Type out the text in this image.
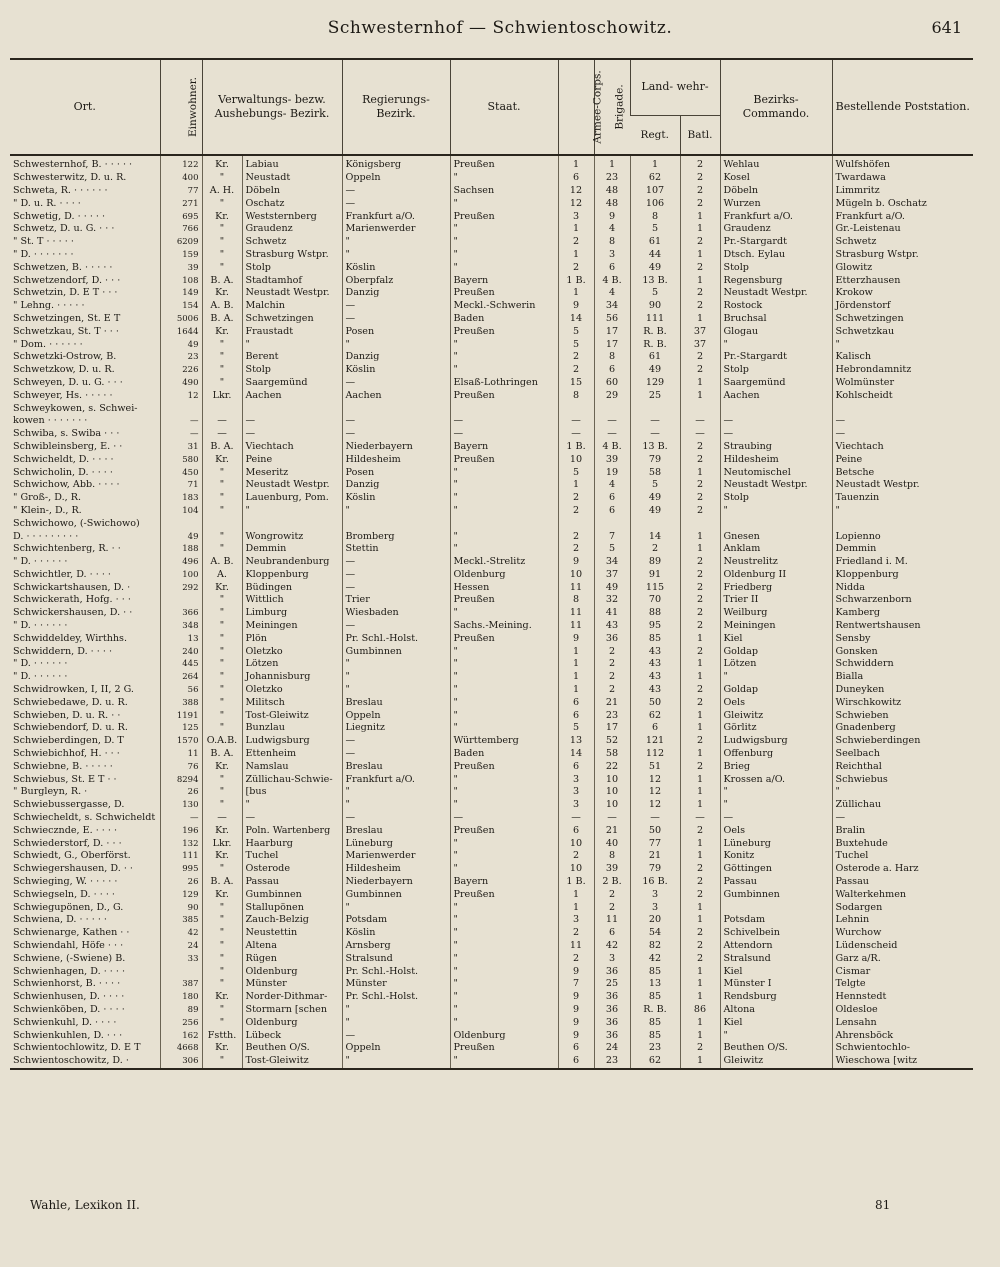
Schwesternhof — Schwientoschowitz.	641
Ort.	Einwohner.	Verwaltungs- bezw. Aushebungs- Bezirk.		Regierungs- Bezirk.	Staat.	Armee-Corps.	Brigade.	Land- wehr-		Bezirks- Commando.	Bestellende Poststation.
								Regt.	Batl.		
Schwesternhof, B. · · · · ·	122	Kr.	Labiau	Königsberg	Preußen	1	1	1	2	Wehlau	Wulfshöfen
Schwesterwitz, D. u. R.	400	"	Neustadt	Oppeln	"	6	23	62	2	Kosel	Twardawa
Schweta, R. · · · · · ·	77	A. H.	Döbeln	—	Sachsen	12	48	107	2	Döbeln	Limmritz
" D. u. R. · · · ·	271	"	Oschatz	—	"	12	48	106	2	Wurzen	Mügeln b. Oschatz
Schwetig, D. · · · · ·	695	Kr.	Weststernberg	Frankfurt a/O.	Preußen	3	9	8	1	Frankfurt a/O.	Frankfurt a/O.
Schwetz, D. u. G. · · ·	766	"	Graudenz	Marienwerder	"	1	4	5	1	Graudenz	Gr.-Leistenau
" St. T · · · · ·	6209	"	Schwetz	"	"	2	8	61	2	Pr.-Stargardt	Schwetz
" D. · · · · · · ·	159	"	Strasburg Wstpr.	"	"	1	3	44	1	Dtsch. Eylau	Strasburg Wstpr.
Schwetzen, B. · · · · ·	39	"	Stolp	Köslin	"	2	6	49	2	Stolp	Glowitz
Schwetzendorf, D. · · ·	108	B. A.	Stadtamhof	Oberpfalz	Bayern	1 B.	4 B.	13 B.	1	Regensburg	Etterzhausen
Schwetzin, D. E T · · ·	149	Kr.	Neustadt Westpr.	Danzig	Preußen	1	4	5	2	Neustadt Westpr.	Krokow
" Lehng. · · · · ·	154	A. B.	Malchin	—	Meckl.-Schwerin	9	34	90	2	Rostock	Jördenstorf
Schwetzingen, St. E T	5006	B. A.	Schwetzingen	—	Baden	14	56	111	1	Bruchsal	Schwetzingen
Schwetzkau, St. T · · ·	1644	Kr.	Fraustadt	Posen	Preußen	5	17	R. B.	37	Glogau	Schwetzkau
" Dom. · · · · · ·	49	"	"	"	"	5	17	R. B.	37	"	"
Schwetzki-Ostrow, B.	23	"	Berent	Danzig	"	2	8	61	2	Pr.-Stargardt	Kalisch
Schwetzkow, D. u. R.	226	"	Stolp	Köslin	"	2	6	49	2	Stolp	Hebrondamnitz
Schweyen, D. u. G. · · ·	490	"	Saargemünd	—	Elsaß-Lothringen	15	60	129	1	Saargemünd	Wolmünster
Schweyer, Hs. · · · · ·	12	Lkr.	Aachen	Aachen	Preußen	8	29	25	1	Aachen	Kohlscheidt
Schweykowen, s. Schwei-											
kowen · · · · · · ·	—	—	—	—	—	—	—	—	—	—	—
Schwiba, s. Swiba · · ·	—	—	—	—	—	—	—	—	—	—	—
Schwibleinsberg, E. · ·	31	B. A.	Viechtach	Niederbayern	Bayern	1 B.	4 B.	13 B.	2	Straubing	Viechtach
Schwicheldt, D. · · · ·	580	Kr.	Peine	Hildesheim	Preußen	10	39	79	2	Hildesheim	Peine
Schwicholin, D. · · · ·	450	"	Meseritz	Posen	"	5	19	58	1	Neutomischel	Betsche
Schwichow, Abb. · · · ·	71	"	Neustadt Westpr.	Danzig	"	1	4	5	2	Neustadt Westpr.	Neustadt Westpr.
" Groß-, D., R.	183	"	Lauenburg, Pom.	Köslin	"	2	6	49	2	Stolp	Tauenzin
" Klein-, D., R.	104	"	"	"	"	2	6	49	2	"	"
Schwichowo, (-Swichowo)											
D. · · · · · · · · ·	49	"	Wongrowitz	Bromberg	"	2	7	14	1	Gnesen	Lopienno
Schwichtenberg, R. · ·	188	"	Demmin	Stettin	"	2	5	2	1	Anklam	Demmin
" D. · · · · · ·	496	A. B.	Neubrandenburg	—	Meckl.-Strelitz	9	34	89	2	Neustrelitz	Friedland i. M.
Schwichtler, D. · · · ·	100	A.	Kloppenburg	—	Oldenburg	10	37	91	2	Oldenburg II	Kloppenburg
Schwickartshausen, D. ·	292	Kr.	Büdingen	—	Hessen	11	49	115	2	Friedberg	Nidda
Schwickerath, Hofg. · · ·		"	Wittlich	Trier	Preußen	8	32	70	2	Trier II	Schwarzenborn
Schwickershausen, D. · ·	366	"	Limburg	Wiesbaden	"	11	41	88	2	Weilburg	Kamberg
" D. · · · · · ·	348	"	Meiningen	—	Sachs.-Meining.	11	43	95	2	Meiningen	Rentwertshausen
Schwiddeldey, Wirthhs.	13	"	Plön	Pr. Schl.-Holst.	Preußen	9	36	85	1	Kiel	Sensby
Schwiddern, D. · · · ·	240	"	Oletzko	Gumbinnen	"	1	2	43	2	Goldap	Gonsken
" D. · · · · · ·	445	"	Lötzen	"	"	1	2	43	1	Lötzen	Schwiddern
" D. · · · · · ·	264	"	Johannisburg	"	"	1	2	43	1	"	Bialla
Schwidrowken, I, II, 2 G.	56	"	Oletzko	"	"	1	2	43	2	Goldap	Duneyken
Schwiebedawe, D. u. R.	388	"	Militsch	Breslau	"	6	21	50	2	Oels	Wirschkowitz
Schwieben, D. u. R. · ·	1191	"	Tost-Gleiwitz	Oppeln	"	6	23	62	1	Gleiwitz	Schwieben
Schwiebendorf, D. u. R.	125	"	Bunzlau	Liegnitz	"	5	17	6	1	Görlitz	Gnadenberg
Schwieberdingen, D. T	1570	O.A.B.	Ludwigsburg	—	Württemberg	13	52	121	2	Ludwigsburg	Schwieberdingen
Schwiebichhof, H. · · ·	11	B. A.	Ettenheim	—	Baden	14	58	112	1	Offenburg	Seelbach
Schwiebne, B. · · · · ·	76	Kr.	Namslau	Breslau	Preußen	6	22	51	2	Brieg	Reichthal
Schwiebus, St. E T · ·	8294	"	Züllichau-Schwie-	Frankfurt a/O.	"	3	10	12	1	Krossen a/O.	Schwiebus
" Burgleyn, R. ·	26	"	[bus	"	"	3	10	12	1	"	"
Schwiebussergasse, D.	130	"	"	"	"	3	10	12	1	"	Züllichau
Schwiecheldt, s. Schwicheldt	—	—	—	—	—	—	—	—	—	—	—
Schwiecznde, E. · · · ·	196	Kr.	Poln. Wartenberg	Breslau	Preußen	6	21	50	2	Oels	Bralin
Schwiederstorf, D. · · ·	132	Lkr.	Haarburg	Lüneburg	"	10	40	77	1	Lüneburg	Buxtehude
Schwiedt, G., Oberförst.	111	Kr.	Tuchel	Marienwerder	"	2	8	21	1	Konitz	Tuchel
Schwiegershausen, D. · ·	995	"	Osterode	Hildesheim	"	10	39	79	2	Göttingen	Osterode a. Harz
Schwieging, W. · · · · ·	26	B. A.	Passau	Niederbayern	Bayern	1 B.	2 B.	16 B.	2	Passau	Passau
Schwiegseln, D. · · · ·	129	Kr.	Gumbinnen	Gumbinnen	Preußen	1	2	3	2	Gumbinnen	Walterkehmen
Schwiegupönen, D., G.	90	"	Stallupönen	"	"	1	2	3	1		Sodargen
Schwiena, D. · · · · ·	385	"	Zauch-Belzig	Potsdam	"	3	11	20	1	Potsdam	Lehnin
Schwienarge, Kathen · ·	42	"	Neustettin	Köslin	"	2	6	54	2	Schivelbein	Wurchow
Schwiendahl, Höfe · · ·	24	"	Altena	Arnsberg	"	11	42	82	2	Attendorn	Lüdenscheid
Schwiene, (-Swiene) B.	33	"	Rügen	Stralsund	"	2	3	42	2	Stralsund	Garz a/R.
Schwienhagen, D. · · · ·		"	Oldenburg	Pr. Schl.-Holst.	"	9	36	85	1	Kiel	Cismar
Schwienhorst, B. · · · ·	387	"	Münster	Münster	"	7	25	13	1	Münster I	Telgte
Schwienhusen, D. · · · ·	180	Kr.	Norder-Dithmar-	Pr. Schl.-Holst.	"	9	36	85	1	Rendsburg	Hennstedt
Schwienköben, D. · · · ·	89	"	Stormarn [schen	"	"	9	36	R. B.	86	Altona	Oldesloe
Schwienkuhl, D. · · · ·	256	"	Oldenburg	"	"	9	36	85	1	Kiel	Lensahn
Schwienkuhlen, D. · · ·	162	Fstth.	Lübeck	—	Oldenburg	9	36	85	1	"	Ahrensböck
Schwientochlowitz, D. E T	4668	Kr.	Beuthen O/S.	Oppeln	Preußen	6	24	23	2	Beuthen O/S.	Schwientochlo-
Schwientoschowitz, D. ·	306	"	Tost-Gleiwitz	"	"	6	23	62	1	Gleiwitz	Wieschowa [witz
Wahle, Lexikon II.	81
